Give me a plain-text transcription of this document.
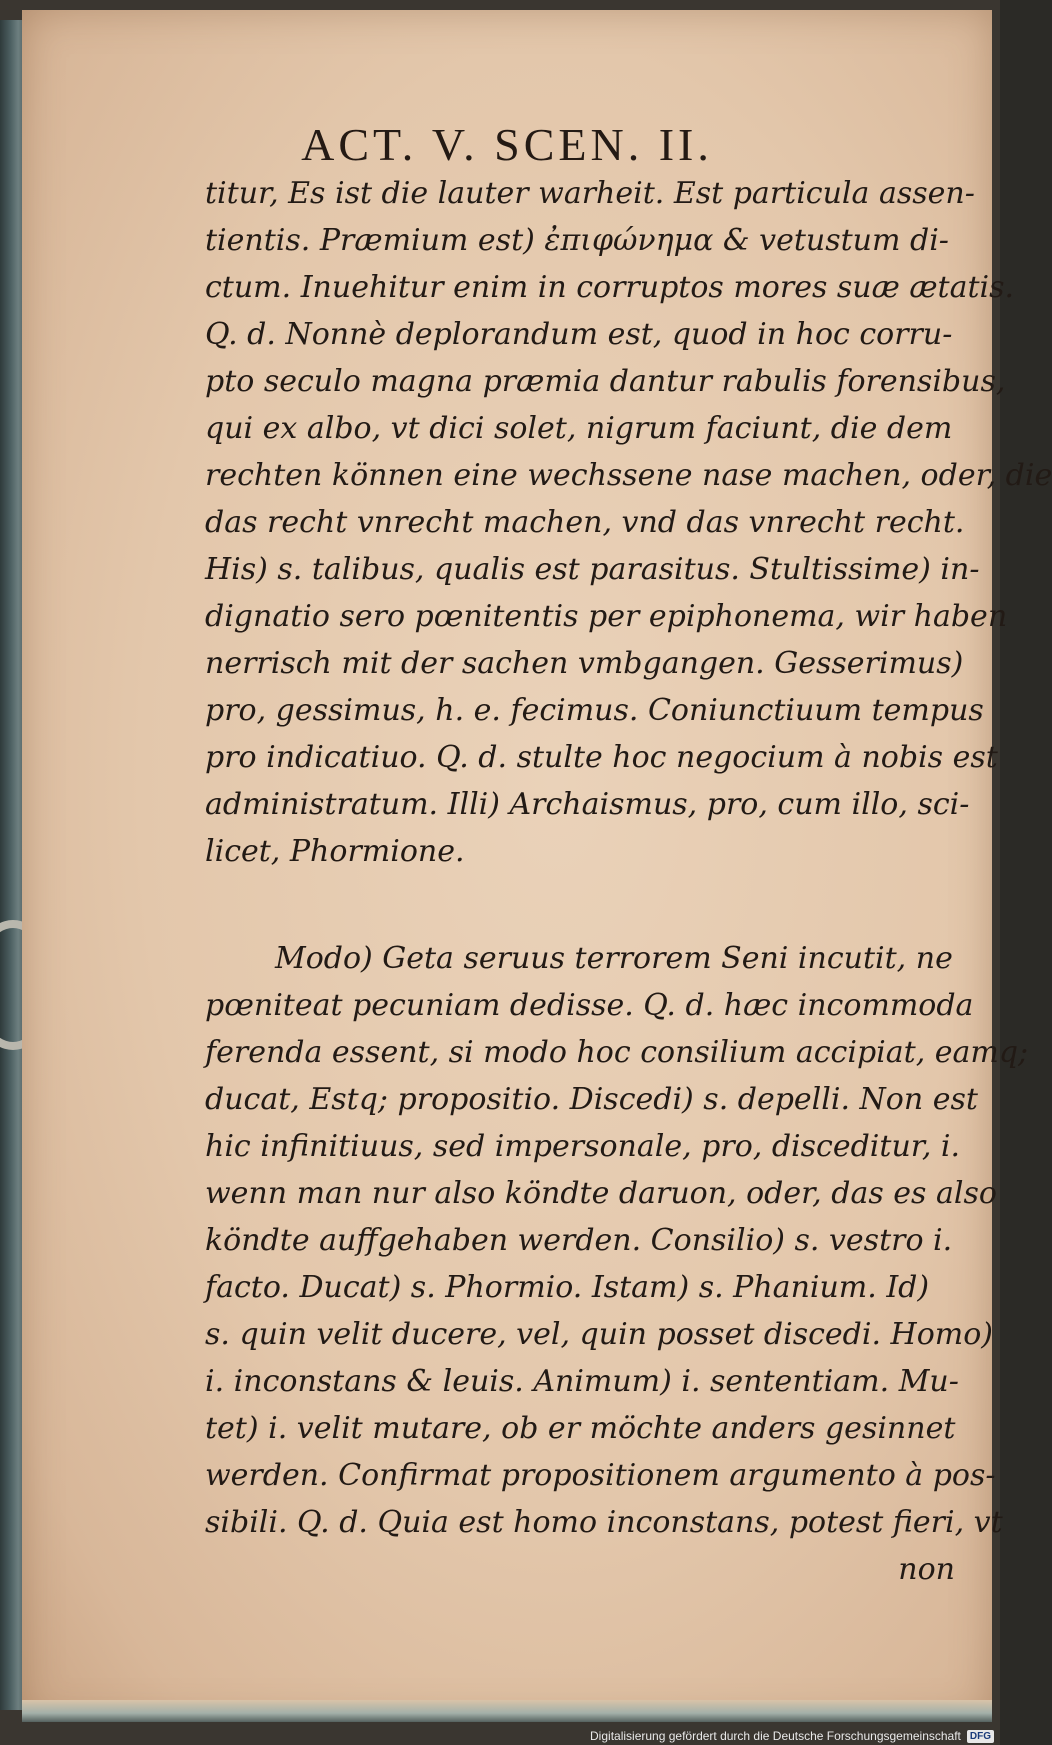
ACT. V. SCEN. II.
titur, Es ist die lauter warheit. Est particula assen-
tientis. Præmium est) ἐπιφώνημα & vetustum di-
ctum. Inuehitur enim in corruptos mores suæ ætatis.
Q. d. Nonnè deplorandum est, quod in hoc corru-
pto seculo magna præmia dantur rabulis forensibus,
qui ex albo, vt dici solet, nigrum faciunt, die dem
rechten können eine wechssene nase machen, oder, die
das recht vnrecht machen, vnd das vnrecht recht.
His) s. talibus, qualis est parasitus. Stultissime) in-
dignatio sero pœnitentis per epiphonema, wir haben
nerrisch mit der sachen vmbgangen. Gesserimus)
pro, gessimus, h. e. fecimus. Coniunctiuum tempus
pro indicatiuo. Q. d. stulte hoc negocium à nobis est
administratum. Illi) Archaismus, pro, cum illo, sci-
licet, Phormione.
Modo) Geta seruus terrorem Seni incutit, ne
pœniteat pecuniam dedisse. Q. d. hæc incommoda
ferenda essent, si modo hoc consilium accipiat, eamq;
ducat, Estq; propositio. Discedi) s. depelli. Non est
hic infinitiuus, sed impersonale, pro, disceditur, i.
wenn man nur also köndte daruon, oder, das es also
köndte auffgehaben werden. Consilio) s. vestro i.
facto. Ducat) s. Phormio. Istam) s. Phanium. Id)
s. quin velit ducere, vel, quin posset discedi. Homo)
i. inconstans & leuis. Animum) i. sententiam. Mu-
tet) i. velit mutare, ob er möchte anders gesinnet
werden. Confirmat propositionem argumento à pos-
sibili. Q. d. Quia est homo inconstans, potest fieri, vt
non
Digitalisierung gefördert durch die Deutsche Forschungsgemeinschaft DFG
